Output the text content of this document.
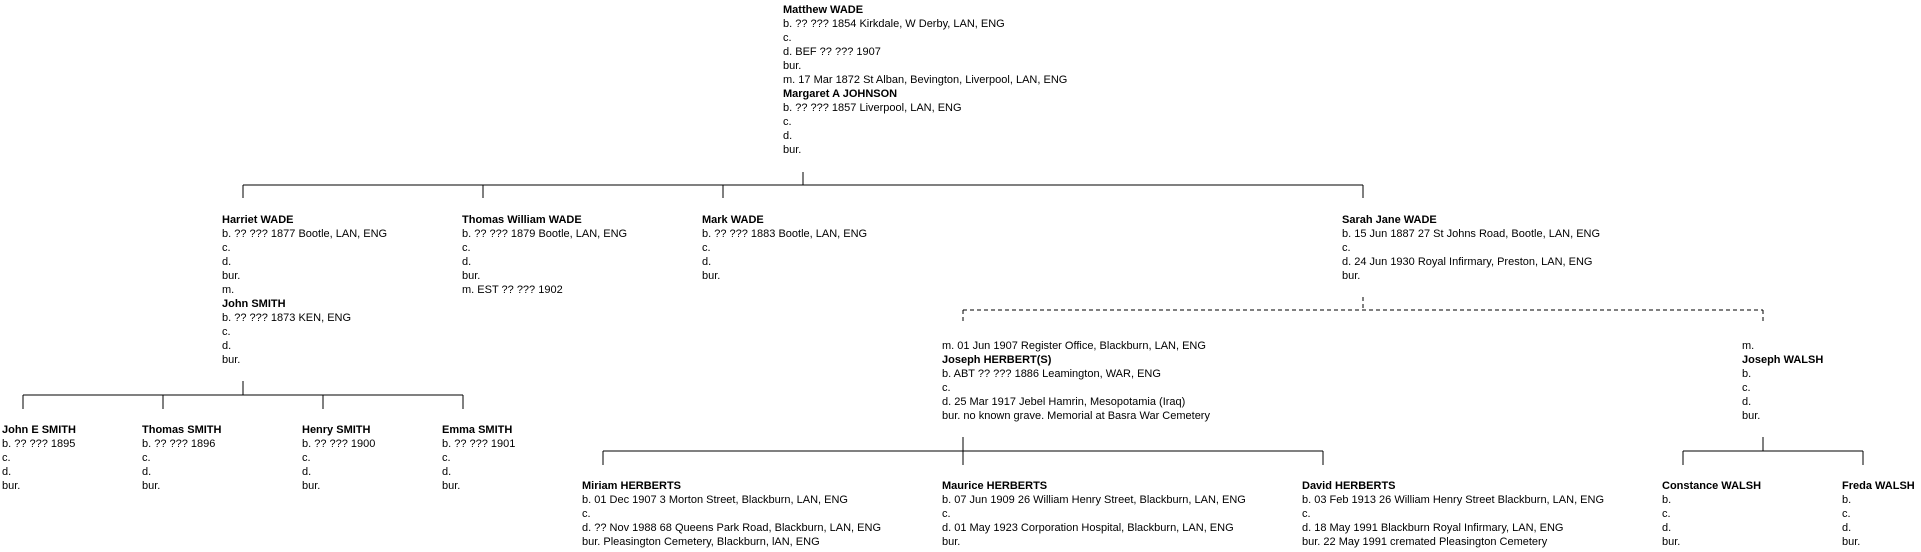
Matthew WADE
b. ?? ??? 1854 Kirkdale, W Derby, LAN, ENG
c.
d. BEF ?? ??? 1907
bur.
m. 17 Mar 1872 St Alban, Bevington, Liverpool, LAN, ENG
Margaret A JOHNSON
b. ?? ??? 1857 Liverpool, LAN, ENG
c.
d.
bur.
Harriet WADE
b. ?? ??? 1877 Bootle, LAN, ENG
c.
d.
bur.
m.
John SMITH
b. ?? ??? 1873 KEN, ENG
c.
d.
bur.
Thomas William WADE
b. ?? ??? 1879 Bootle, LAN, ENG
c.
d.
bur.
m. EST ?? ??? 1902
Mark WADE
b. ?? ??? 1883 Bootle, LAN, ENG
c.
d.
bur.
Sarah Jane WADE
b. 15 Jun 1887 27 St Johns Road, Bootle, LAN, ENG
c.
d. 24 Jun 1930 Royal Infirmary, Preston, LAN, ENG
bur.
m. 01 Jun 1907 Register Office, Blackburn, LAN, ENG
Joseph HERBERT(S)
b. ABT ?? ??? 1886 Leamington, WAR, ENG
c.
d. 25 Mar 1917 Jebel Hamrin, Mesopotamia (Iraq)
bur. no known grave. Memorial at Basra War Cemetery
m.
Joseph WALSH
b.
c.
d.
bur.
John E SMITH
b. ?? ??? 1895
c.
d.
bur.
Thomas SMITH
b. ?? ??? 1896
c.
d.
bur.
Henry SMITH
b. ?? ??? 1900
c.
d.
bur.
Emma SMITH
b. ?? ??? 1901
c.
d.
bur.	Miriam HERBERTS
b. 01 Dec 1907 3 Morton Street, Blackburn, LAN, ENG
c.
d. ?? Nov 1988 68 Queens Park Road, Blackburn, LAN, ENG
bur. Pleasington Cemetery, Blackburn, lAN, ENG
Maurice HERBERTS
b. 07 Jun 1909 26 William Henry Street, Blackburn, LAN, ENG
c.
d. 01 May 1923 Corporation Hospital, Blackburn, LAN, ENG
bur.
David HERBERTS
b. 03 Feb 1913 26 William Henry Street Blackburn, LAN, ENG
c.
d. 18 May 1991 Blackburn Royal Infirmary, LAN, ENG
bur. 22 May 1991 cremated Pleasington Cemetery
Constance WALSH
b.
c.
d.
bur.
Freda WALSH
b.
c.
d.
bur.
